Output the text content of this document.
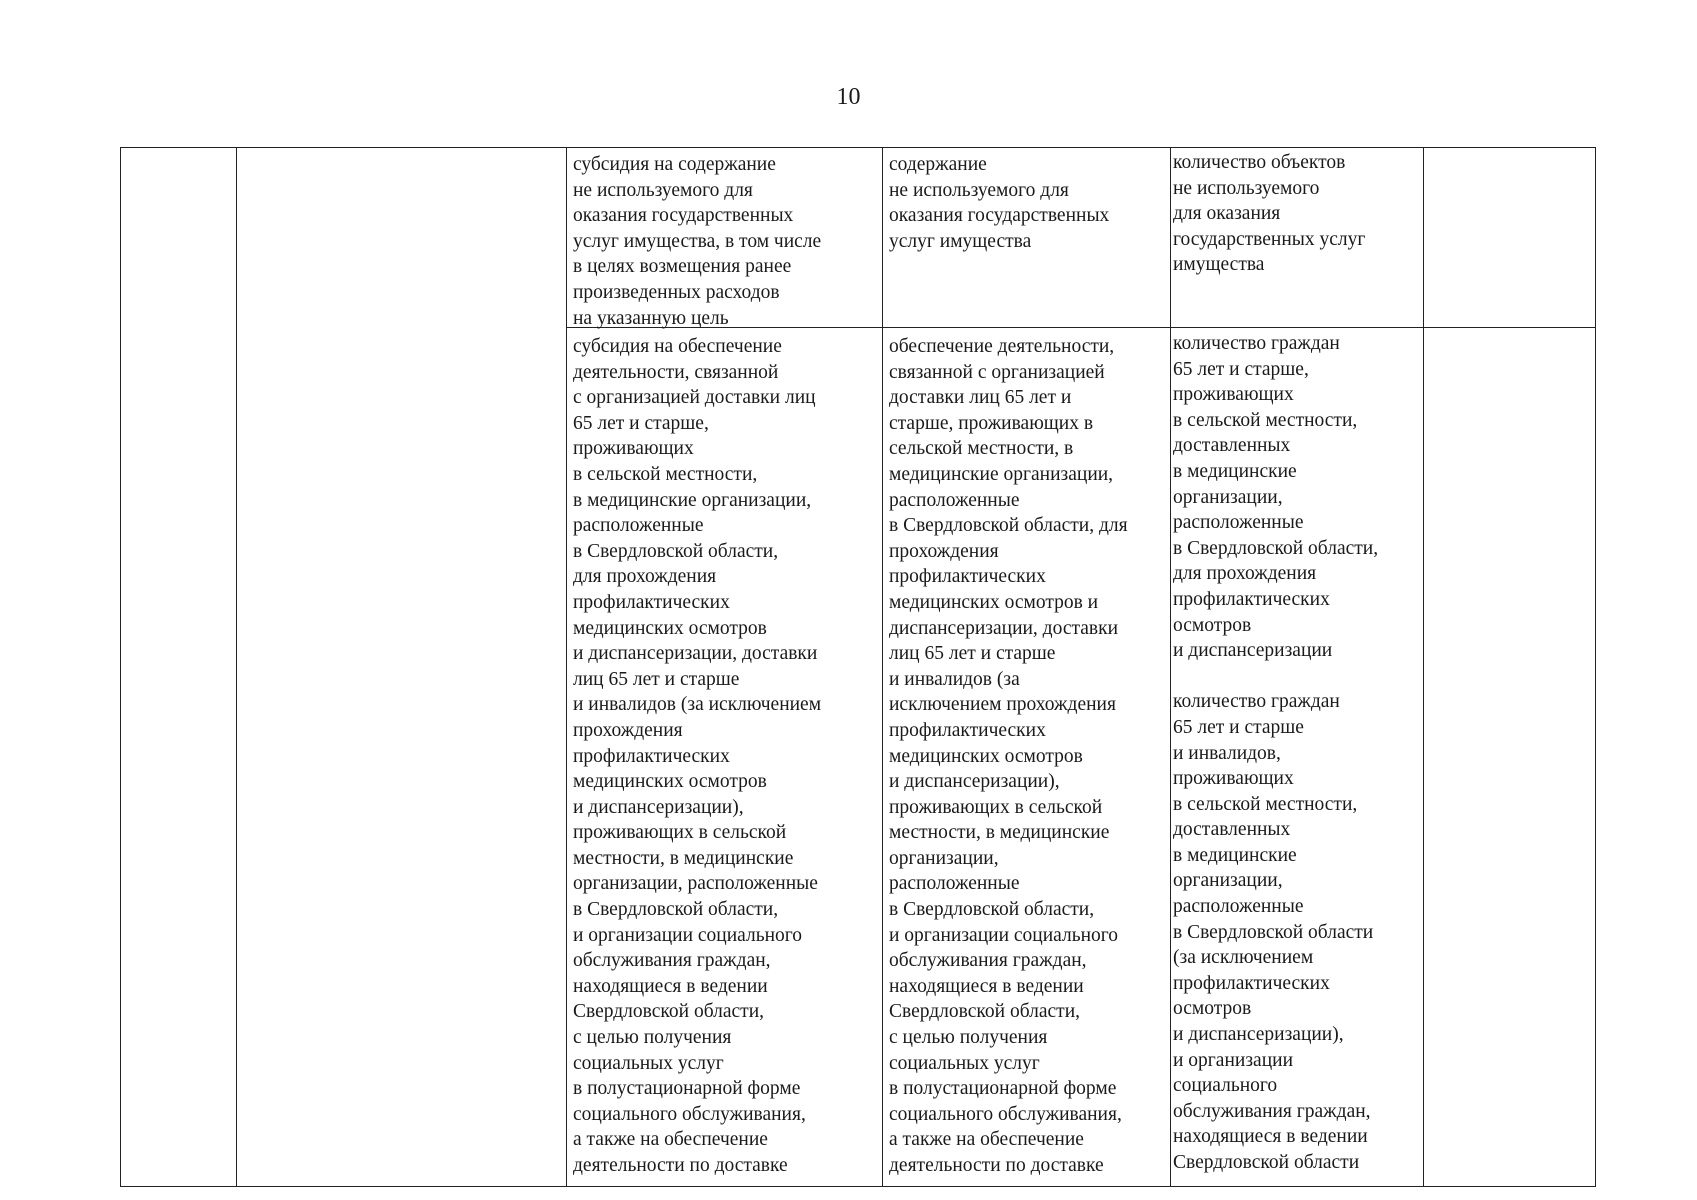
10
субсидия на содержание
не используемого для
оказания государственных
услуг имущества, в том числе
в целях возмещения ранее
произведенных расходов
на указанную цель
содержание
не используемого для
оказания государственных
услуг имущества
количество объектов
не используемого
для оказания
государственных услуг
имущества
субсидия на обеспечение
деятельности, связанной
с организацией доставки лиц
65 лет и старше,
проживающих
в сельской местности,
в медицинские организации,
расположенные
в Свердловской области,
для прохождения
профилактических
медицинских осмотров
и диспансеризации, доставки
лиц 65 лет и старше
и инвалидов (за исключением
прохождения
профилактических
медицинских осмотров
и диспансеризации),
проживающих в сельской
местности, в медицинские
организации, расположенные
в Свердловской области,
и организации социального
обслуживания граждан,
находящиеся в ведении
Свердловской области,
с целью получения
социальных услуг
в полустационарной форме
социального обслуживания,
а также на обеспечение
деятельности по доставке
обеспечение деятельности,
связанной с организацией
доставки лиц 65 лет и
старше, проживающих в
сельской местности, в
медицинские организации,
расположенные
в Свердловской области, для
прохождения
профилактических
медицинских осмотров и
диспансеризации, доставки
лиц 65 лет и старше
и инвалидов (за
исключением прохождения
профилактических
медицинских осмотров
и диспансеризации),
проживающих в сельской
местности, в медицинские
организации,
расположенные
в Свердловской области,
и организации социального
обслуживания граждан,
находящиеся в ведении
Свердловской области,
с целью получения
социальных услуг
в полустационарной форме
социального обслуживания,
а также на обеспечение
деятельности по доставке
количество граждан
65 лет и старше,
проживающих
в сельской местности,
доставленных
в медицинские
организации,
расположенные
в Свердловской области,
для прохождения
профилактических
осмотров
и диспансеризации

количество граждан
65 лет и старше
и инвалидов,
проживающих
в сельской местности,
доставленных
в медицинские
организации,
расположенные
в Свердловской области
(за исключением
профилактических
осмотров
и диспансеризации),
и организации
социального
обслуживания граждан,
находящиеся в ведении
Свердловской области
